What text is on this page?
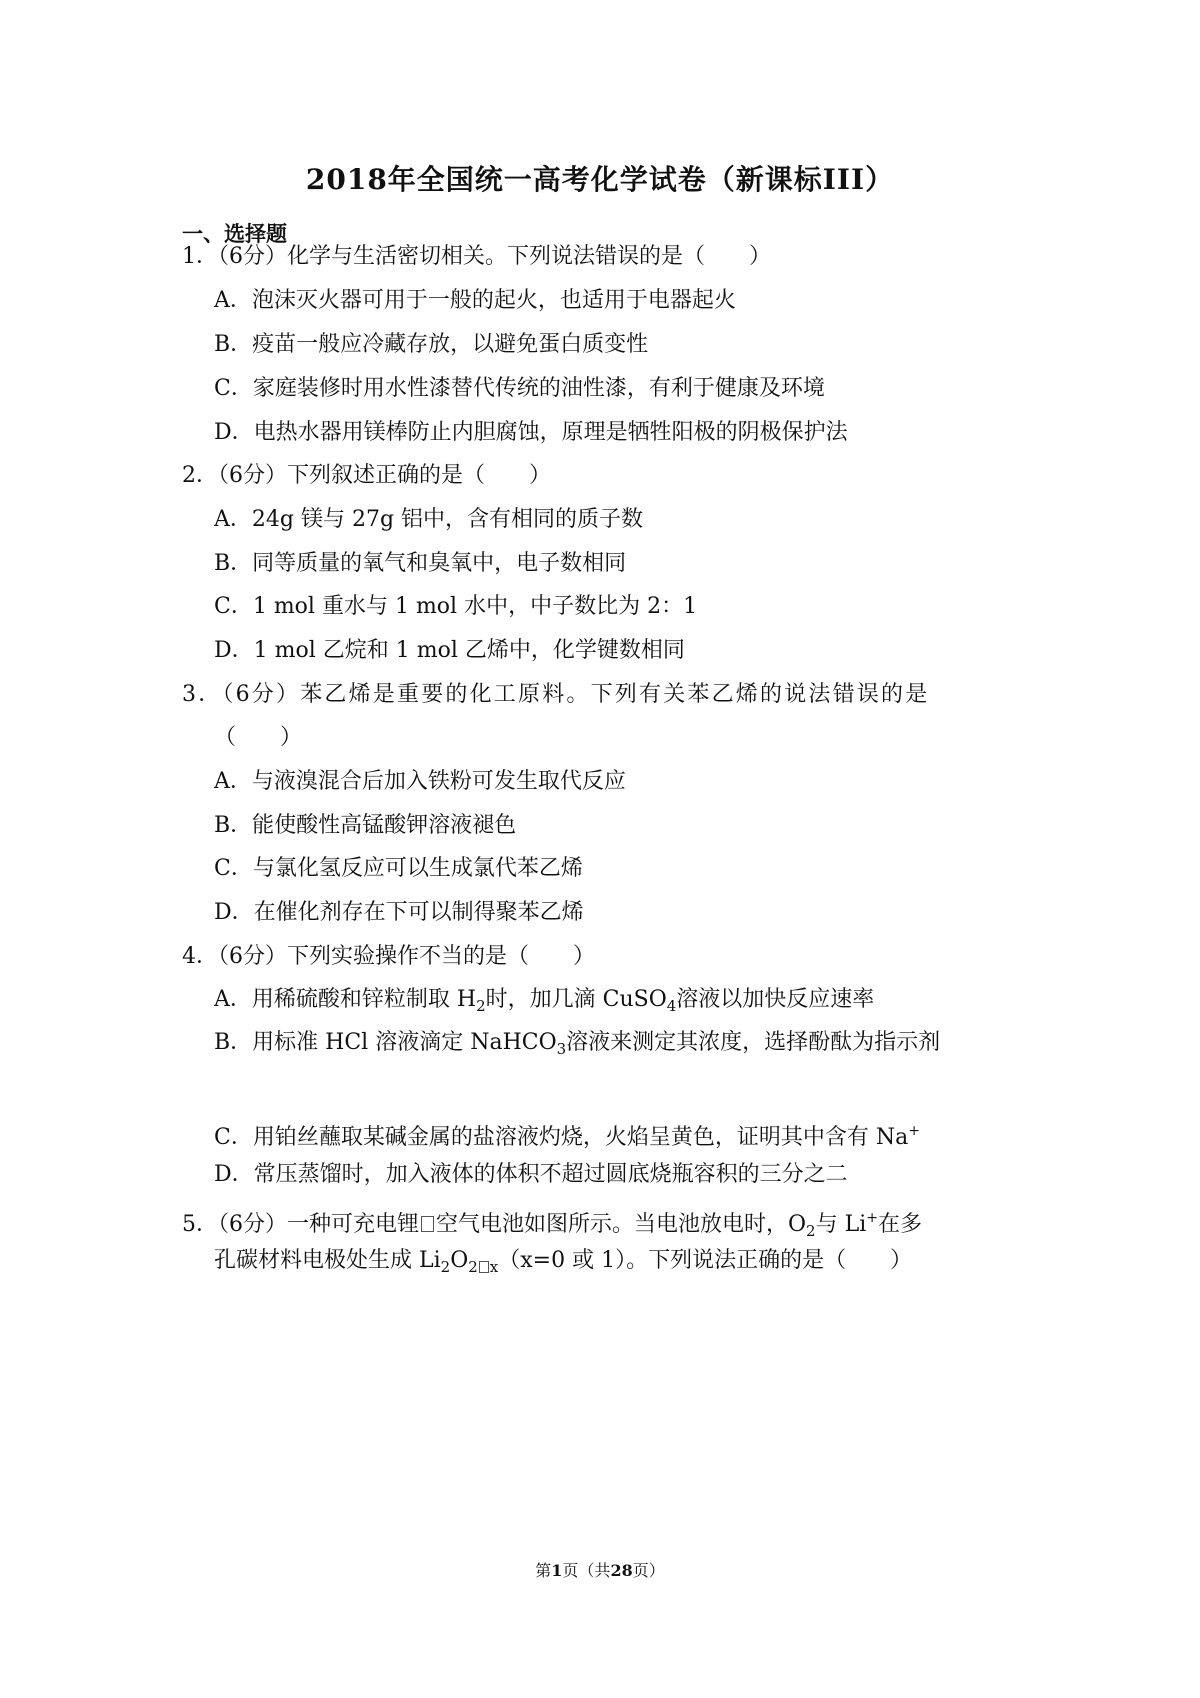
2018年全国统一高考化学试卷（新课标III）
一、选择题
1．（6分）化学与生活密切相关。下列说法错误的是（　　）
A．泡沫灭火器可用于一般的起火，也适用于电器起火
B．疫苗一般应冷藏存放，以避免蛋白质变性
C．家庭装修时用水性漆替代传统的油性漆，有利于健康及环境
D．电热水器用镁棒防止内胆腐蚀，原理是牺牲阳极的阴极保护法
2．（6分）下列叙述正确的是（　　）
A．24g 镁与 27g 铝中，含有相同的质子数
B．同等质量的氧气和臭氧中，电子数相同
C．1 mol 重水与 1 mol 水中，中子数比为 2：1
D．1 mol 乙烷和 1 mol 乙烯中，化学键数相同
3．（6分）苯乙烯是重要的化工原料。下列有关苯乙烯的说法错误的是
（　　）
A．与液溴混合后加入铁粉可发生取代反应
B．能使酸性高锰酸钾溶液褪色
C．与氯化氢反应可以生成氯代苯乙烯
D．在催化剂存在下可以制得聚苯乙烯
4．（6分）下列实验操作不当的是（　　）
A．用稀硫酸和锌粒制取 $H_2$时，加几滴 CuSO$_4$溶液以加快反应速率
B．用标准 HCl 溶液滴定 NaHCO$_3$溶液来测定其浓度，选择酚酞为指示剂
C．用铂丝蘸取某碱金属的盐溶液灼烧，火焰呈黄色，证明其中含有 Na+
D．常压蒸馏时，加入液体的体积不超过圆底烧瓶容积的三分之二
5．（6分）一种可充电锂 空气电池如图所示。当电池放电时，$O_2$与 Li+在多
孔碳材料电极处生成 $Li_2O_2$ $_x$（x=0 或 1）。下列说法正确的是（　　）
第1页（共28页）
